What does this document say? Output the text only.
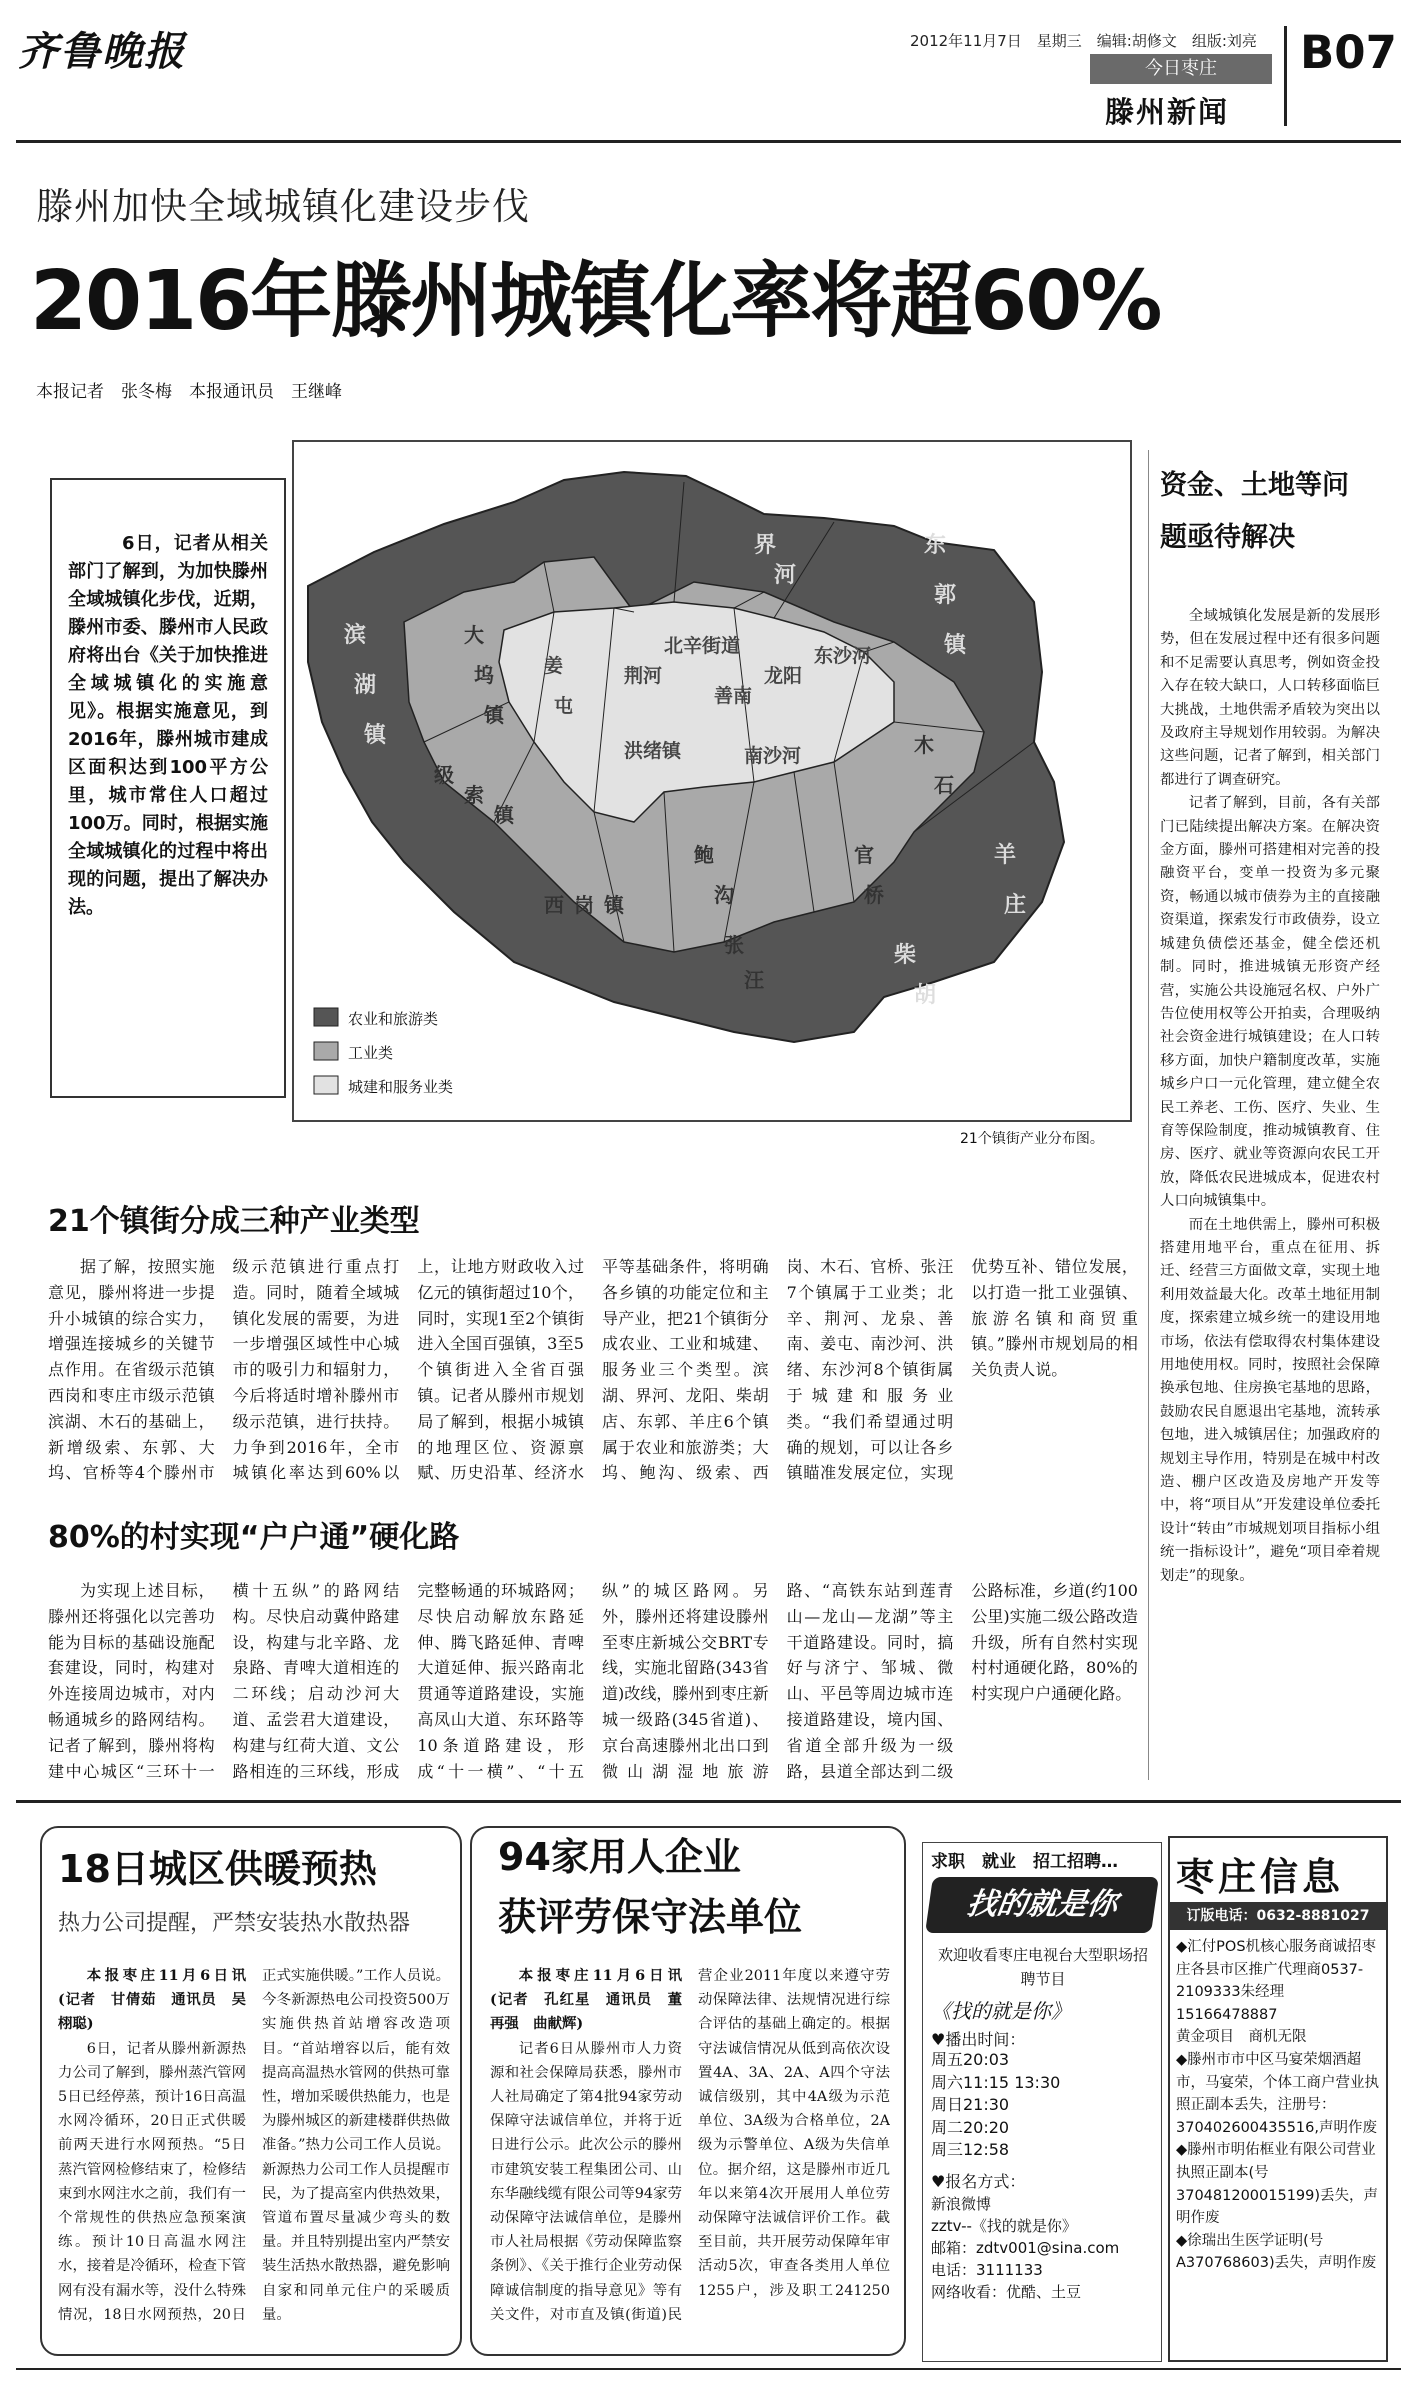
齐鲁晚报	2012年11月7日　星期三　编辑:胡修文　组版:刘亮
今日枣庄
滕州新闻
B07
滕州加快全域城镇化建设步伐
2016年滕州城镇化率将超60%
本报记者　张冬梅　本报通讯员　王继峰
6日，记者从相关部门了解到，为加快滕州全域城镇化步伐，近期，滕州市委、滕州市人民政府将出台《关于加快推进全域城镇化的实施意见》。根据实施意见，到2016年，滕州城市建成区面积达到100平方公里，城市常住人口超过100万。同时，根据实施全域城镇化的过程中将出现的问题，提出了解决办法。
东
郭
镇
滨
湖
镇
羊
庄
柴
胡
界
河
大
坞
镇
级
索
镇
西 岗 镇
鲍
沟
木
石
官
桥
张
汪
姜
屯
北辛街道
荆河
善南
洪绪镇	南沙河
东沙河
龙阳
农业和旅游类
工业类
城建和服务业类
21个镇街产业分布图。
资金、土地等问题亟待解决

全域城镇化发展是新的发展形势，但在发展过程中还有很多问题和不足需要认真思考，例如资金投入存在较大缺口，人口转移面临巨大挑战，土地供需矛盾较为突出以及政府主导规划作用较弱。为解决这些问题，记者了解到，相关部门都进行了调查研究。

记者了解到，目前，各有关部门已陆续提出解决方案。在解决资金方面，滕州可搭建相对完善的投融资平台，变单一投资为多元聚资，畅通以城市债券为主的直接融资渠道，探索发行市政债券，设立城建负债偿还基金，健全偿还机制。同时，推进城镇无形资产经营，实施公共设施冠名权、户外广告位使用权等公开拍卖，合理吸纳社会资金进行城镇建设；在人口转移方面，加快户籍制度改革，实施城乡户口一元化管理，建立健全农民工养老、工伤、医疗、失业、生育等保险制度，推动城镇教育、住房、医疗、就业等资源向农民工开放，降低农民进城成本，促进农村人口向城镇集中。

而在土地供需上，滕州可积极搭建用地平台，重点在征用、拆迁、经营三方面做文章，实现土地利用效益最大化。改革土地征用制度，探索建立城乡统一的建设用地市场，依法有偿取得农村集体建设用地使用权。同时，按照社会保障换承包地、住房换宅基地的思路，鼓励农民自愿退出宅基地，流转承包地，进入城镇居住；加强政府的规划主导作用，特别是在城中村改造、棚户区改造及房地产开发等中，将“项目从”开发建设单位委托设计“转由”市城规划项目指标小组统一指标设计”，避免“项目牵着规划走”的现象。

21个镇街分成三种产业类型
据了解，按照实施意见，滕州将进一步提升小城镇的综合实力，增强连接城乡的关键节点作用。在省级示范镇西岗和枣庄市级示范镇滨湖、木石的基础上，新增级索、东郭、大坞、官桥等4个滕州市级示范镇进行重点打造。同时，随着全域城镇化发展的需要，为进一步增强区域性中心城市的吸引力和辐射力，今后将适时增补滕州市级示范镇，进行扶持。力争到2016年，全市城镇化率达到60%以上，让地方财政收入过亿元的镇街超过10个，同时，实现1至2个镇街进入全国百强镇，3至5个镇街进入全省百强镇。记者从滕州市规划局了解到，根据小城镇的地理区位、资源禀赋、历史沿革、经济水平等基础条件，将明确各乡镇的功能定位和主导产业，把21个镇街分成农业、工业和城建、服务业三个类型。滨湖、界河、龙阳、柴胡店、东郭、羊庄6个镇属于农业和旅游类；大坞、鲍沟、级索、西岗、木石、官桥、张汪7个镇属于工业类；北辛、荆河、龙泉、善南、姜屯、南沙河、洪绪、东沙河8个镇街属于城建和服务业类。“我们希望通过明确的规划，可以让各乡镇瞄准发展定位，实现优势互补、错位发展，以打造一批工业强镇、旅游名镇和商贸重镇。”滕州市规划局的相关负责人说。
80%的村实现“户户通”硬化路
为实现上述目标，滕州还将强化以完善功能为目标的基础设施配套建设，同时，构建对外连接周边城市，对内畅通城乡的路网结构。记者了解到，滕州将构建中心城区“三环十一横十五纵”的路网结构。尽快启动冀仲路建设，构建与北辛路、龙泉路、青啤大道相连的二环线；启动沙河大道、孟尝君大道建设，构建与红荷大道、文公路相连的三环线，形成完整畅通的环城路网；尽快启动解放东路延伸、腾飞路延伸、青啤大道延伸、振兴路南北贯通等道路建设，实施高凤山大道、东环路等10条道路建设，形成“十一横”、“十五纵”的城区路网。另外，滕州还将建设滕州至枣庄新城公交BRT专线，实施北留路(343省道)改线，滕州到枣庄新城一级路(345省道)、京台高速滕州北出口到微山湖湿地旅游路、“高铁东站到莲青山—龙山—龙湖”等主干道路建设。同时，搞好与济宁、邹城、微山、平邑等周边城市连接道路建设，境内国、省道全部升级为一级路，县道全部达到二级公路标准，乡道(约100公里)实施二级公路改造升级，所有自然村实现村村通硬化路，80%的村实现户户通硬化路。
18日城区供暖预热
热力公司提醒，严禁安装热水散热器

本报枣庄11月6日讯　(记者　甘倩茹　通讯员　吴栩聪)

6日，记者从滕州新源热力公司了解到，滕州蒸汽管网5日已经停蒸，预计16日高温水网冷循环，20日正式供暖前两天进行水网预热。“5日蒸汽管网检修结束了，检修结束到水网注水之前，我们有一个常规性的供热应急预案演练。预计10日高温水网注水，接着是冷循环，检查下管网有没有漏水等，没什么特殊情况，18日水网预热，20日正式实施供暖。”工作人员说。今冬新源热电公司投资500万实施供热首站增容改造项目。“首站增容以后，能有效提高高温热水管网的供热可靠性，增加采暖供热能力，也是为滕州城区的新建楼群供热做准备。”热力公司工作人员说。新源热力公司工作人员提醒市民，为了提高室内供热效果，管道布置尽量减少弯头的数量。并且特别提出室内严禁安装生活热水散热器，避免影响自家和同单元住户的采暖质量。

94家用人企业
获评劳保守法单位

本报枣庄11月6日讯　(记者　孔红星　通讯员　董再强　曲献辉)

记者6日从滕州市人力资源和社会保障局获悉，滕州市人社局确定了第4批94家劳动保障守法诚信单位，并将于近日进行公示。此次公示的滕州市建筑安装工程集团公司、山东华融线缆有限公司等94家劳动保障守法诚信单位，是滕州市人社局根据《劳动保障监察条例》、《关于推行企业劳动保障诚信制度的指导意见》等有关文件，对市直及镇(街道)民营企业2011年度以来遵守劳动保障法律、法规情况进行综合评估的基础上确定的。根据守法诚信情况从低到高依次设置4A、3A、2A、A四个守法诚信级别，其中4A级为示范单位、3A级为合格单位，2A级为示警单位、A级为失信单位。据介绍，这是滕州市近几年以来第4次开展用人单位劳动保障守法诚信评价工作。截至目前，共开展劳动保障年审活动5次，审查各类用人单位1255户，涉及职工241250

求职　就业　招工招聘…
找的就是你
欢迎收看枣庄电视台大型职场招聘节目
《找的就是你》
♥播出时间：
周五20:03
周六11:15 13:30
周日21:30
周二20:20
周三12:58
♥报名方式：
新浪微博
zztv--《找的就是你》
邮箱：zdtv001@sina.com
电话：3111133
网络收看：优酷、土豆
枣庄信息
订版电话：0632-8881027
◆汇付POS机核心服务商诚招枣庄各县市区推广代理商0537-2109333朱经理15166478887
黄金项目　商机无限
◆滕州市市中区马宴荣烟酒超市，马宴荣，个体工商户营业执照正副本丢失，注册号：370402600435516,声明作废
◆滕州市明佑框业有限公司营业执照正副本(号370481200015199)丢失，声明作废
◆徐瑞出生医学证明(号A370768603)丢失，声明作废
